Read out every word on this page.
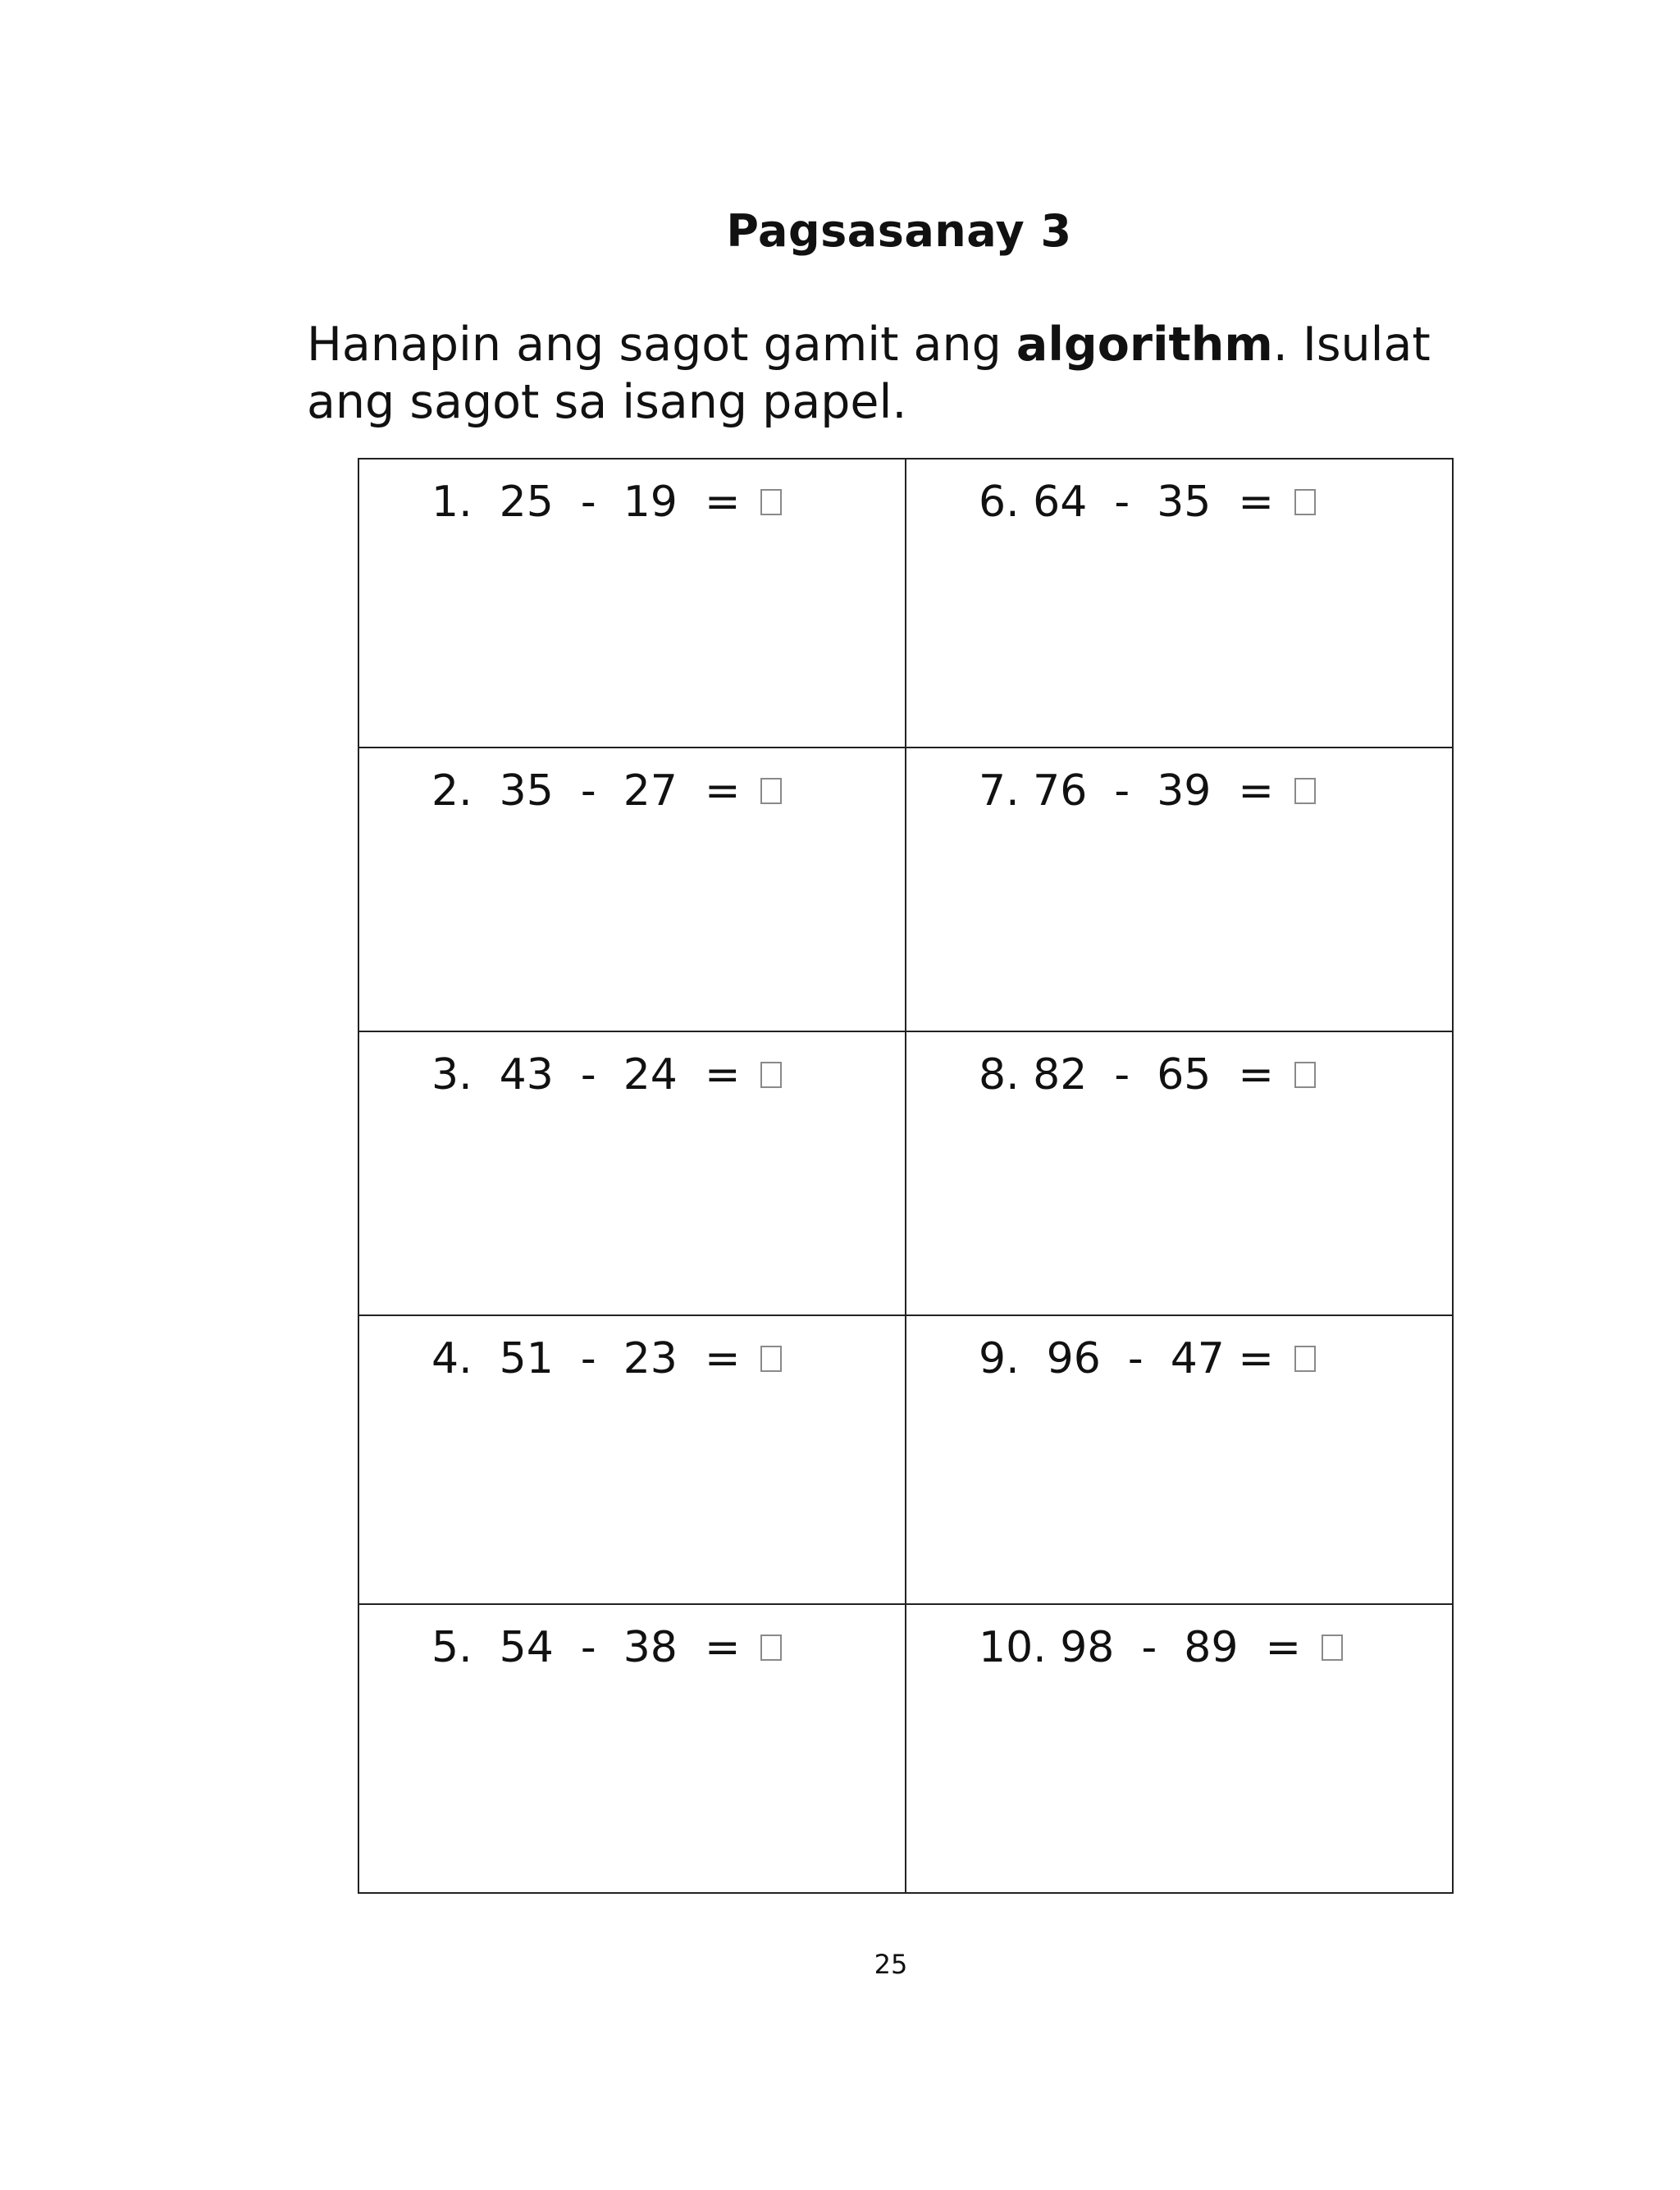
Pagsasanay 3
Hanapin ang sagot gamit ang algorithm. Isulat ang sagot sa isang papel.
1.  25  -  19  =	6. 64  -  35  =

2.  35  -  27  =	7. 76  -  39  =

3.  43  -  24  =	8. 82  -  65  =

4.  51  -  23  =	9.  96  -  47 =

5.  54  -  38  =	10. 98  -  89  =
25
